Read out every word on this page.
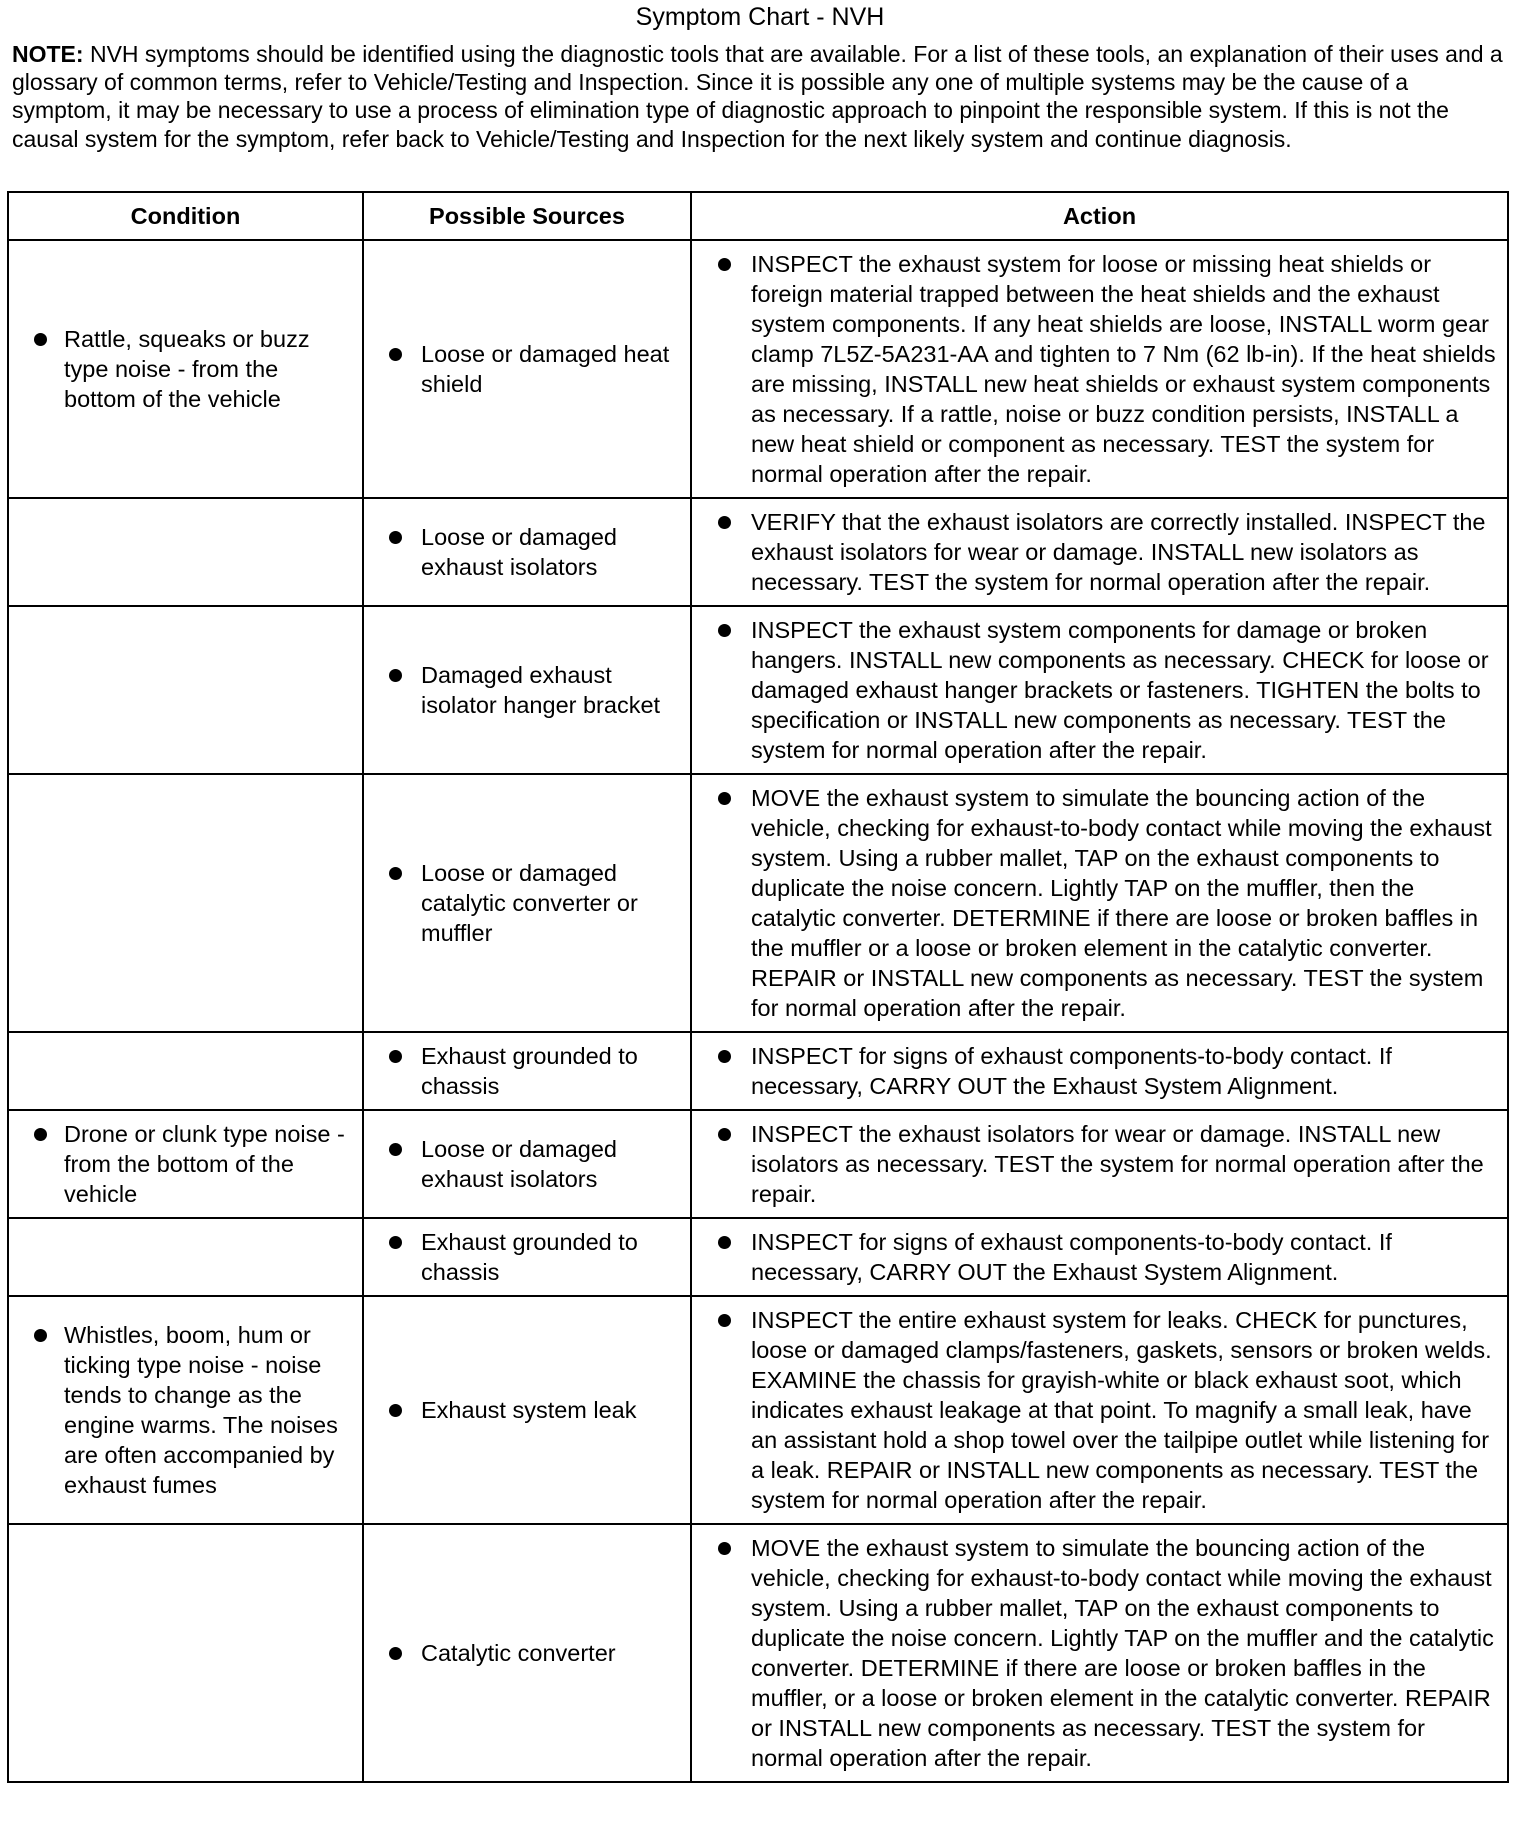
Symptom Chart - NVH
NOTE: NVH symptoms should be identified using the diagnostic tools that are available. For a list of these tools, an explanation of their uses and a glossary of common terms, refer to Vehicle/Testing and Inspection. Since it is possible any one of multiple systems may be the cause of a symptom, it may be necessary to use a process of elimination type of diagnostic approach to pinpoint the responsible system. If this is not the causal system for the symptom, refer back to Vehicle/Testing and Inspection for the next likely system and continue diagnosis.
Condition	Possible Sources	Action

Rattle, squeaks or buzz type noise - from the bottom of the vehicle	Loose or damaged heat shield	INSPECT the exhaust system for loose or missing heat shields or foreign material trapped between the heat shields and the exhaust system components. If any heat shields are loose, INSTALL worm gear clamp 7L5Z-5A231-AA and tighten to 7 Nm (62 lb-in). If the heat shields are missing, INSTALL new heat shields or exhaust system components as necessary. If a rattle, noise or buzz condition persists, INSTALL a new heat shield or component as necessary. TEST the system for normal operation after the repair.

	Loose or damaged exhaust isolators	VERIFY that the exhaust isolators are correctly installed. INSPECT the exhaust isolators for wear or damage. INSTALL new isolators as necessary. TEST the system for normal operation after the repair.

	Damaged exhaust isolator hanger bracket	INSPECT the exhaust system components for damage or broken hangers. INSTALL new components as necessary. CHECK for loose or damaged exhaust hanger brackets or fasteners. TIGHTEN the bolts to specification or INSTALL new components as necessary. TEST the system for normal operation after the repair.

	Loose or damaged catalytic converter or muffler	MOVE the exhaust system to simulate the bouncing action of the vehicle, checking for exhaust-to-body contact while moving the exhaust system. Using a rubber mallet, TAP on the exhaust components to duplicate the noise concern. Lightly TAP on the muffler, then the catalytic converter. DETERMINE if there are loose or broken baffles in the muffler or a loose or broken element in the catalytic converter. REPAIR or INSTALL new components as necessary. TEST the system for normal operation after the repair.

	Exhaust grounded to chassis	INSPECT for signs of exhaust components-to-body contact. If necessary, CARRY OUT the Exhaust System Alignment.

Drone or clunk type noise - from the bottom of the vehicle	Loose or damaged exhaust isolators	INSPECT the exhaust isolators for wear or damage. INSTALL new isolators as necessary. TEST the system for normal operation after the repair.

	Exhaust grounded to chassis	INSPECT for signs of exhaust components-to-body contact. If necessary, CARRY OUT the Exhaust System Alignment.

Whistles, boom, hum or ticking type noise - noise tends to change as the engine warms. The noises are often accompanied by exhaust fumes	Exhaust system leak	INSPECT the entire exhaust system for leaks. CHECK for punctures, loose or damaged clamps/fasteners, gaskets, sensors or broken welds. EXAMINE the chassis for grayish-white or black exhaust soot, which indicates exhaust leakage at that point. To magnify a small leak, have an assistant hold a shop towel over the tailpipe outlet while listening for a leak. REPAIR or INSTALL new components as necessary. TEST the system for normal operation after the repair.

	Catalytic converter	MOVE the exhaust system to simulate the bouncing action of the vehicle, checking for exhaust-to-body contact while moving the exhaust system. Using a rubber mallet, TAP on the exhaust components to duplicate the noise concern. Lightly TAP on the muffler and the catalytic converter. DETERMINE if there are loose or broken baffles in the muffler, or a loose or broken element in the catalytic converter. REPAIR or INSTALL new components as necessary. TEST the system for normal operation after the repair.
